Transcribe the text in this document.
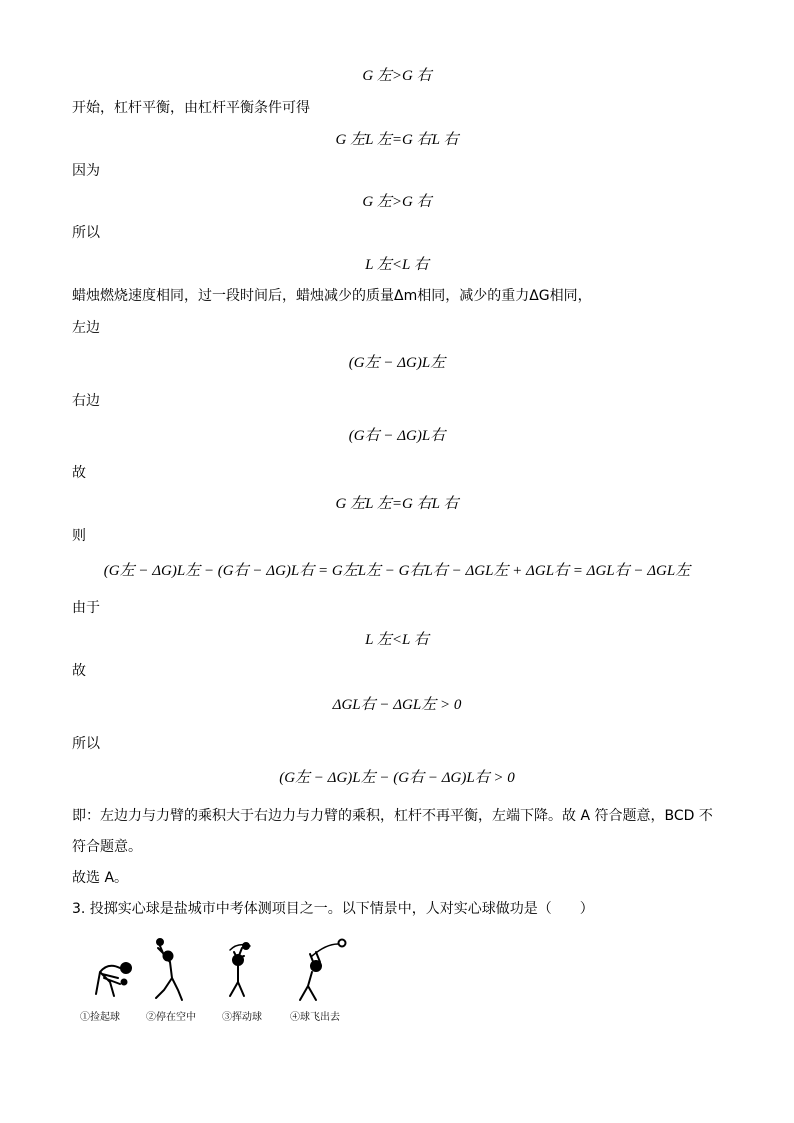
G 左>G 右
开始，杠杆平衡，由杠杆平衡条件可得
G 左L 左=G 右L 右
因为
G 左>G 右
所以
L 左<L 右
蜡烛燃烧速度相同，过一段时间后，蜡烛减少的质量Δm相同，减少的重力ΔG相同，
左边
(G左 − ΔG)L左
右边
(G右 − ΔG)L右
故
G 左L 左=G 右L 右
则
(G左 − ΔG)L左 − (G右 − ΔG)L右 = G左L左 − G右L右 − ΔGL左 + ΔGL右 = ΔGL右 − ΔGL左
由于
L 左<L 右
故
ΔGL右 − ΔGL左 > 0
所以
(G左 − ΔG)L左 − (G右 − ΔG)L右 > 0
即：左边力与力臂的乘积大于右边力与力臂的乘积，杠杆不再平衡，左端下降。故 A 符合题意，BCD 不符合题意。
故选 A。
3. 投掷实心球是盐城市中考体测项目之一。以下情景中，人对实心球做功是（　　）
①捡起球	②停在空中	③挥动球	④球飞出去
